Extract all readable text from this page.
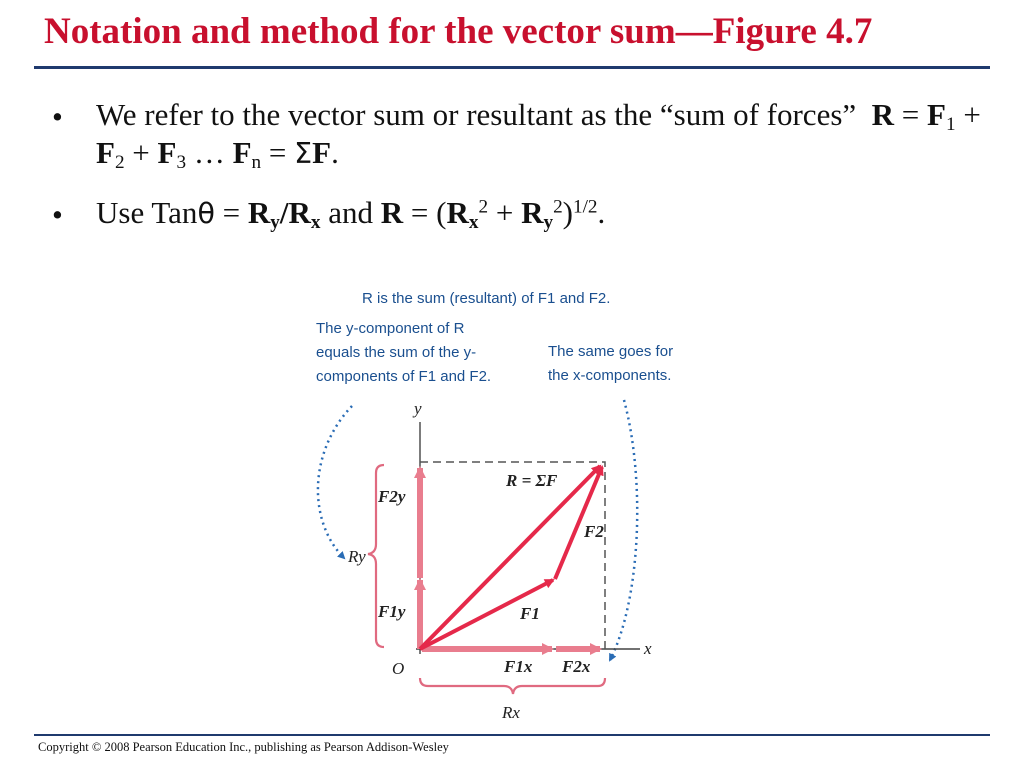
Notation and method for the vector sum—Figure 4.7
• We refer to the vector sum or resultant as the “sum of forces” $R = F_1 + F_2 + F_3$ … $F_n = \Sigma F$.
• Use $Tan\theta = R_y/R_x$ and $R = (R_x^2 + R_y^2)^{1/2}$.
R is the sum (resultant) of F1 and F2.
The y-component of R
equals the sum of the y-
components of F1 and F2.
The same goes for
the x-components.
y
x
O
R = ΣF
F1
F2
F1y
F2y
F1x F2x
Ry
Rx
Copyright © 2008 Pearson Education Inc., publishing as Pearson Addison-Wesley
